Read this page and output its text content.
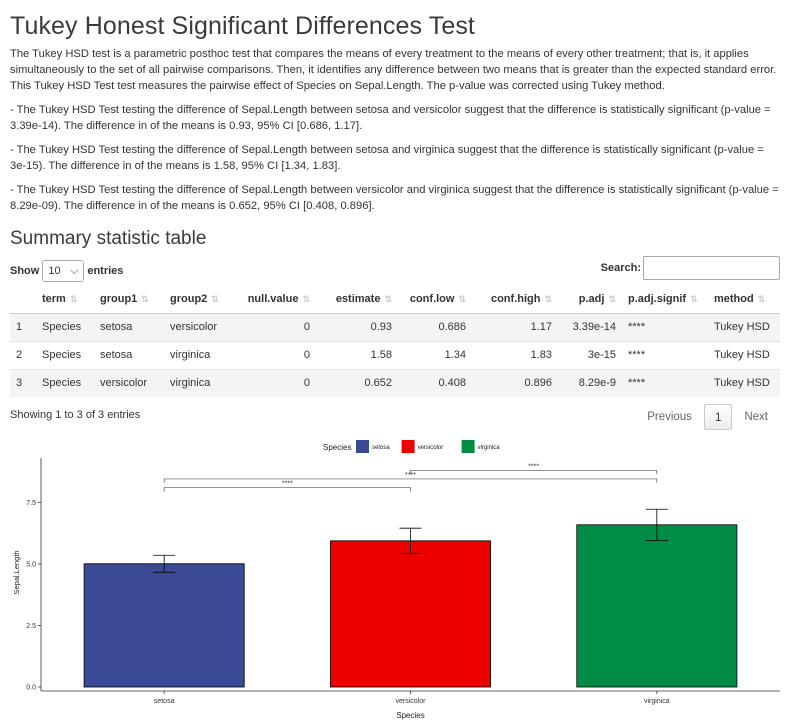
Tukey Honest Significant Differences Test

The Tukey HSD test is a parametric posthoc test that compares the means of every treatment to the means of every other treatment; that is, it applies simultaneously to the set of all pairwise comparisons. Then, it identifies any difference between two means that is greater than the expected standard error. This Tukey HSD Test test measures the pairwise effect of Species on Sepal.Length. The p-value was corrected using Tukey method.

- The Tukey HSD Test testing the difference of Sepal.Length between setosa and versicolor suggest that the difference is statistically significant (p-value = 3.39e-14). The difference in of the means is 0.93, 95% CI [0.686, 1.17].

- The Tukey HSD Test testing the difference of Sepal.Length between setosa and virginica suggest that the difference is statistically significant (p-value = 3e-15). The difference in of the means is 1.58, 95% CI [1.34, 1.83].

- The Tukey HSD Test testing the difference of Sepal.Length between versicolor and virginica suggest that the difference is statistically significant (p-value = 8.29e-09). The difference in of the means is 0.652, 95% CI [0.408, 0.896].

Summary statistic table
Show 10 ⌵ entries	Search:
	term ⇅	group1 ⇅	group2 ⇅	null.value ⇅	estimate ⇅	conf.low ⇅	conf.high ⇅	p.adj ⇅	p.adj.signif ⇅	method ⇅
1	Species	setosa	versicolor	0	0.93	0.686	1.17	3.39e-14	****	Tukey HSD
2	Species	setosa	virginica	0	1.58	1.34	1.83	3e-15	****	Tukey HSD
3	Species	versicolor	virginica	0	0.652	0.408	0.896	8.29e-9	****	Tukey HSD
Showing 1 to 3 of 3 entries	Previous	1	Next
Species	setosa	versicolor	virginica
0.0
2.5
5.0
7.5
Sepal.Length
Species
setosa	versicolor	virginica
****
****
****
